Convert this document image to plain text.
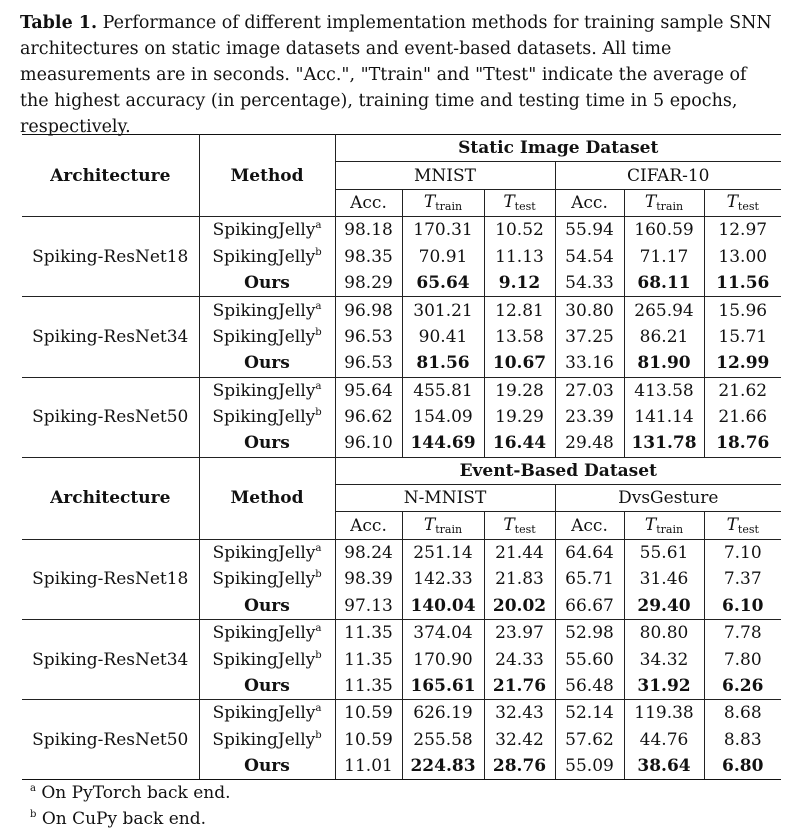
Table 1. Performance of different implementation methods for training sample SNN architectures on static image datasets and event-based datasets. All time measurements are in seconds. "Acc.", "Ttrain" and "Ttest" indicate the average of the highest accuracy (in percentage), training time and testing time in 5 epochs, respectively.
Architecture	Method	Static Image Dataset					
		MNIST			CIFAR-10		
		Acc.	$T_{train}$	$T_{test}$	Acc.	$T_{train}$	$T_{test}$
Spiking-ResNet18	SpikingJelly$^a$	98.18	170.31	10.52	55.94	160.59	12.97
	SpikingJelly$^b$	98.35	70.91	11.13	54.54	71.17	13.00
	Ours	98.29	65.64	9.12	54.33	68.11	11.56
Spiking-ResNet34	SpikingJelly$^a$	96.98	301.21	12.81	30.80	265.94	15.96
	SpikingJelly$^b$	96.53	90.41	13.58	37.25	86.21	15.71
	Ours	96.53	81.56	10.67	33.16	81.90	12.99
Spiking-ResNet50	SpikingJelly$^a$	95.64	455.81	19.28	27.03	413.58	21.62
	SpikingJelly$^b$	96.62	154.09	19.29	23.39	141.14	21.66
	Ours	96.10	144.69	16.44	29.48	131.78	18.76
Architecture	Method	Event-Based Dataset					
		N-MNIST			DvsGesture		
		Acc.	$T_{train}$	$T_{test}$	Acc.	$T_{train}$	$T_{test}$
Spiking-ResNet18	SpikingJelly$^a$	98.24	251.14	21.44	64.64	55.61	7.10
	SpikingJelly$^b$	98.39	142.33	21.83	65.71	31.46	7.37
	Ours	97.13	140.04	20.02	66.67	29.40	6.10
Spiking-ResNet34	SpikingJelly$^a$	11.35	374.04	23.97	52.98	80.80	7.78
	SpikingJelly$^b$	11.35	170.90	24.33	55.60	34.32	7.80
	Ours	11.35	165.61	21.76	56.48	31.92	6.26
Spiking-ResNet50	SpikingJelly$^a$	10.59	626.19	32.43	52.14	119.38	8.68
	SpikingJelly$^b$	10.59	255.58	32.42	57.62	44.76	8.83
	Ours	11.01	224.83	28.76	55.09	38.64	6.80
$^a$ On PyTorch back end.
$^b$ On CuPy back end.
